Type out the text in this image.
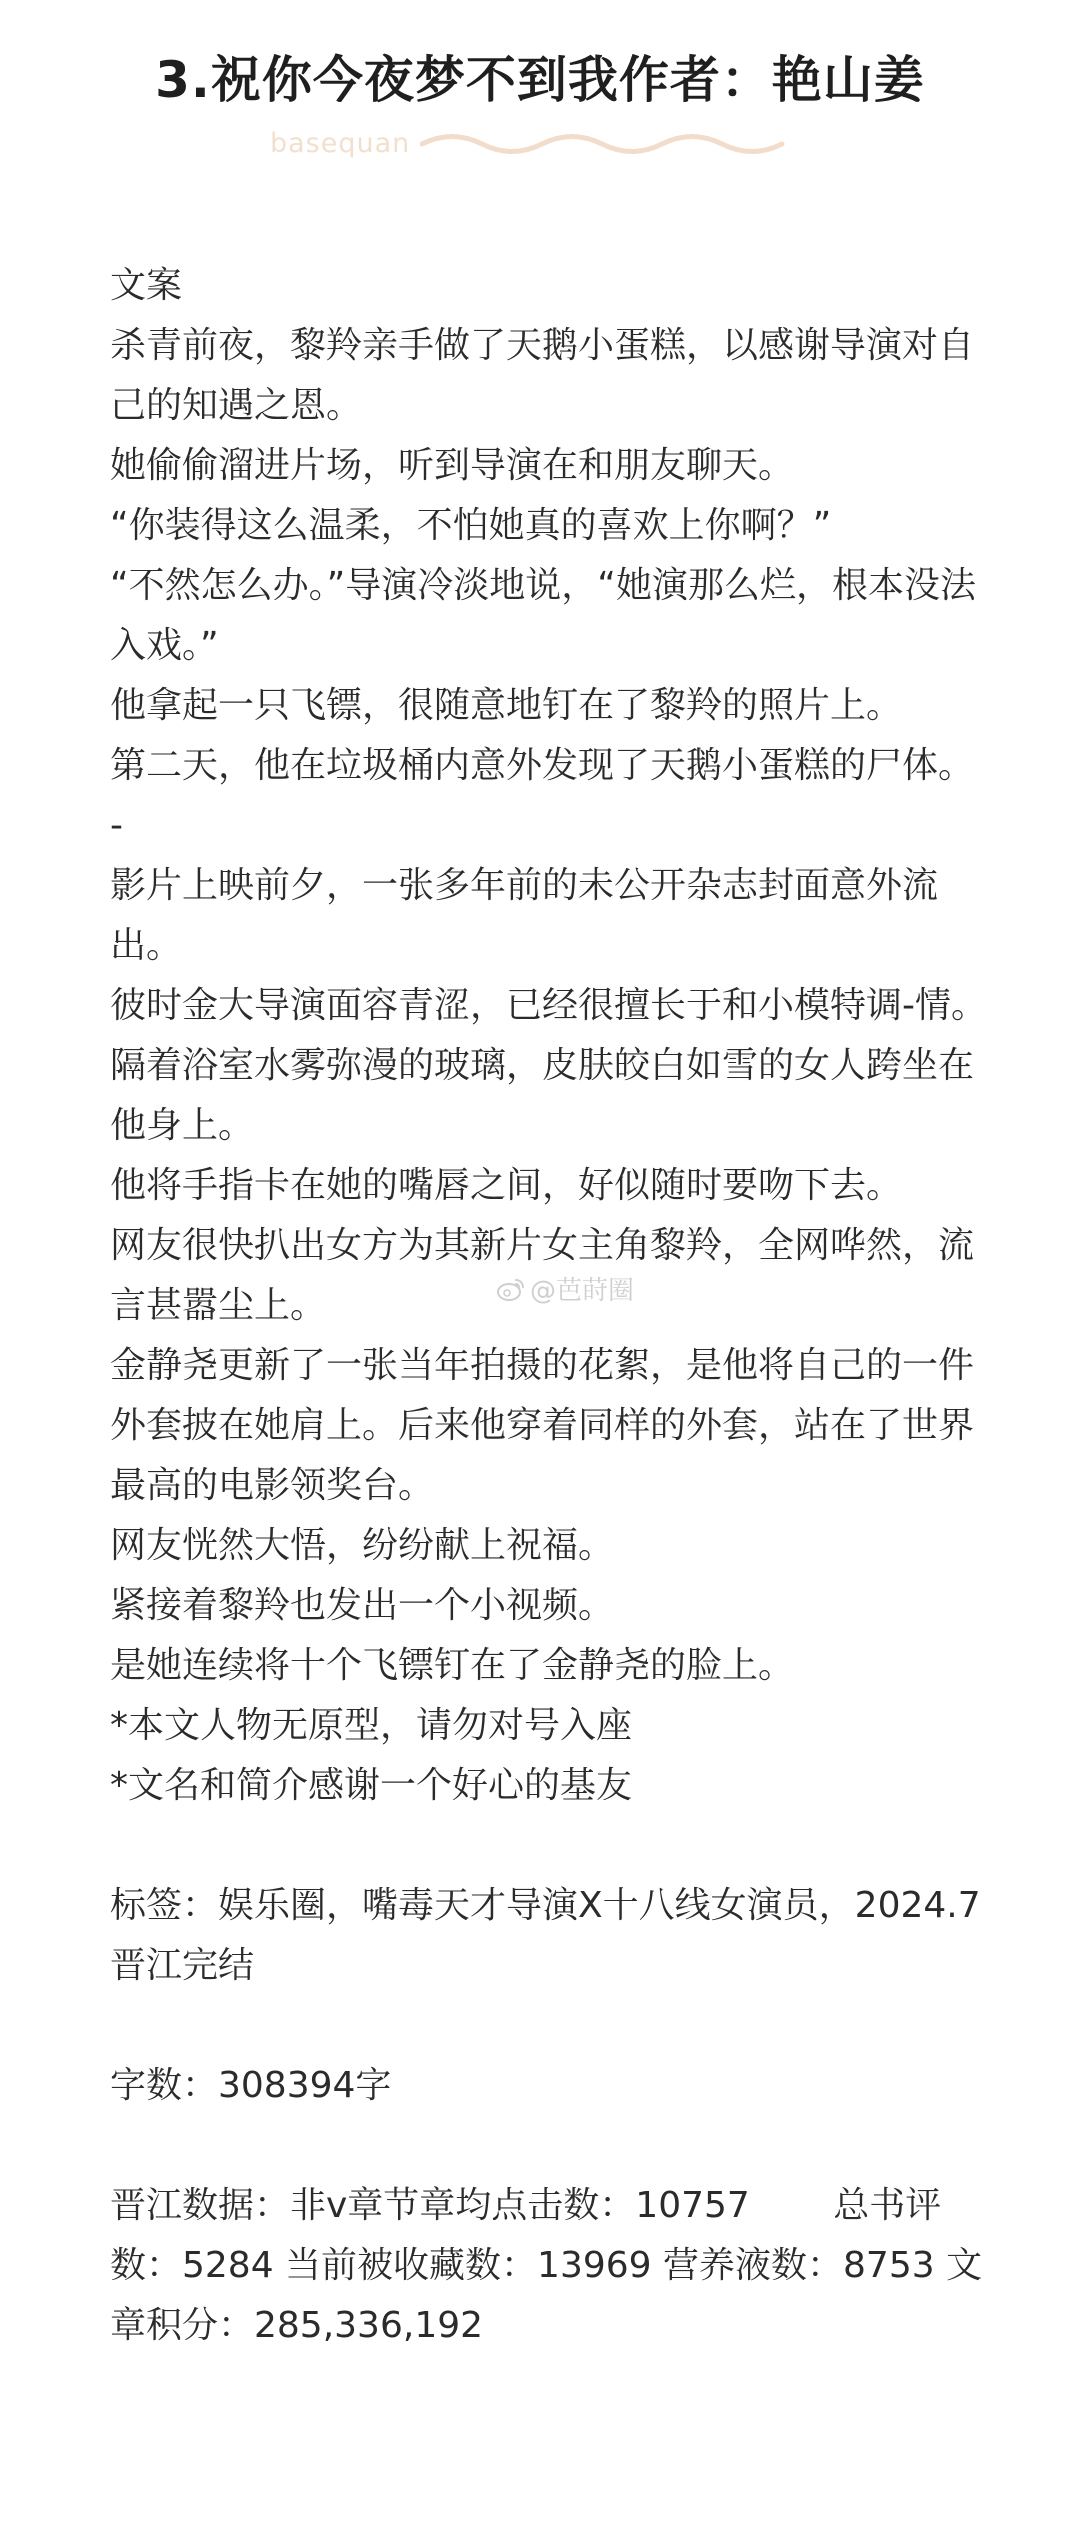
3.祝你今夜梦不到我作者：艳山姜
basequan

文案

杀青前夜，黎羚亲手做了天鹅小蛋糕，以感谢导演对自己的知遇之恩。

她偷偷溜进片场，听到导演在和朋友聊天。

“你装得这么温柔，不怕她真的喜欢上你啊？”

“不然怎么办。”导演冷淡地说，“她演那么烂，根本没法入戏。”

他拿起一只飞镖，很随意地钉在了黎羚的照片上。

第二天，他在垃圾桶内意外发现了天鹅小蛋糕的尸体。

-

影片上映前夕，一张多年前的未公开杂志封面意外流出。

彼时金大导演面容青涩，已经很擅长于和小模特调-情。

隔着浴室水雾弥漫的玻璃，皮肤皎白如雪的女人跨坐在他身上。

他将手指卡在她的嘴唇之间，好似随时要吻下去。

网友很快扒出女方为其新片女主角黎羚，全网哗然，流言甚嚣尘上。

金静尧更新了一张当年拍摄的花絮，是他将自己的一件外套披在她肩上。后来他穿着同样的外套，站在了世界最高的电影领奖台。

网友恍然大悟，纷纷献上祝福。

紧接着黎羚也发出一个小视频。

是她连续将十个飞镖钉在了金静尧的脸上。

*本文人物无原型，请勿对号入座

*文名和简介感谢一个好心的基友

标签：娱乐圈，嘴毒天才导演X十八线女演员，2024.7晋江完结

字数：308394字

晋江数据：非v章节章均点击数：10757　　 总书评数：5284 当前被收藏数：13969 营养液数：8753 文章积分：285,336,192

@芭莳圈
